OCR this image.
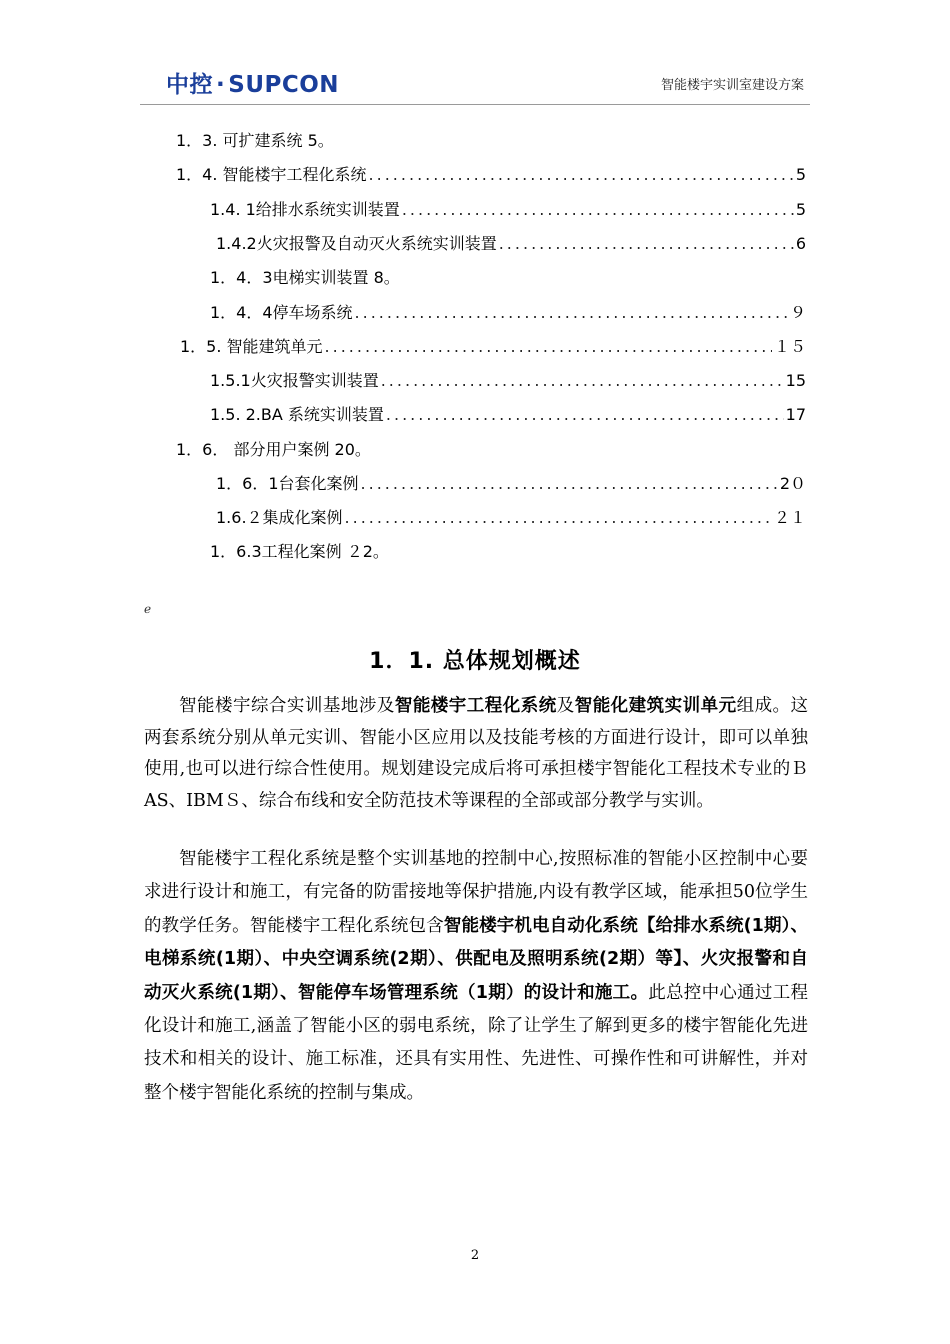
中控 · SUPCON	智能楼宇实训室建设方案
1．3. 可扩建系统 5。
1．4. 智能楼宇工程化系统 .....	5
1.4. 1给排水系统实训装置 .....	5
1.4.2火灾报警及自动灭火系统实训装置 .....	6
1．4．3电梯实训装置 8。
1．4．4停车场系统 .....	９
1．5. 智能建筑单元 .....	１５
1.5.1火灾报警实训装置 .....	15
1.5. 2.BA 系统实训装置 .....	17
1．6． 部分用户案例 20。
1．6．1台套化案例 .....	2０
1.6.２集成化案例 .....	２１
1．6.3工程化案例 ２2。
ℯ
1．1. 总体规划概述

智能楼宇综合实训基地涉及智能楼宇工程化系统及智能化建筑实训单元组成。这两套系统分别从单元实训、智能小区应用以及技能考核的方面进行设计，即可以单独使用,也可以进行综合性使用。规划建设完成后将可承担楼宇智能化工程技术专业的ＢAS、IBMＳ、综合布线和安全防范技术等课程的全部或部分教学与实训。

智能楼宇工程化系统是整个实训基地的控制中心,按照标准的智能小区控制中心要求进行设计和施工，有完备的防雷接地等保护措施,内设有教学区域，能承担50位学生的教学任务。智能楼宇工程化系统包含智能楼宇机电自动化系统【给排水系统(1期）、电梯系统(1期）、中央空调系统(2期）、供配电及照明系统(2期）等】、火灾报警和自动灭火系统(1期）、智能停车场管理系统（1期）的设计和施工。此总控中心通过工程化设计和施工,涵盖了智能小区的弱电系统，除了让学生了解到更多的楼宇智能化先进技术和相关的设计、施工标准，还具有实用性、先进性、可操作性和可讲解性，并对整个楼宇智能化系统的控制与集成。

2
